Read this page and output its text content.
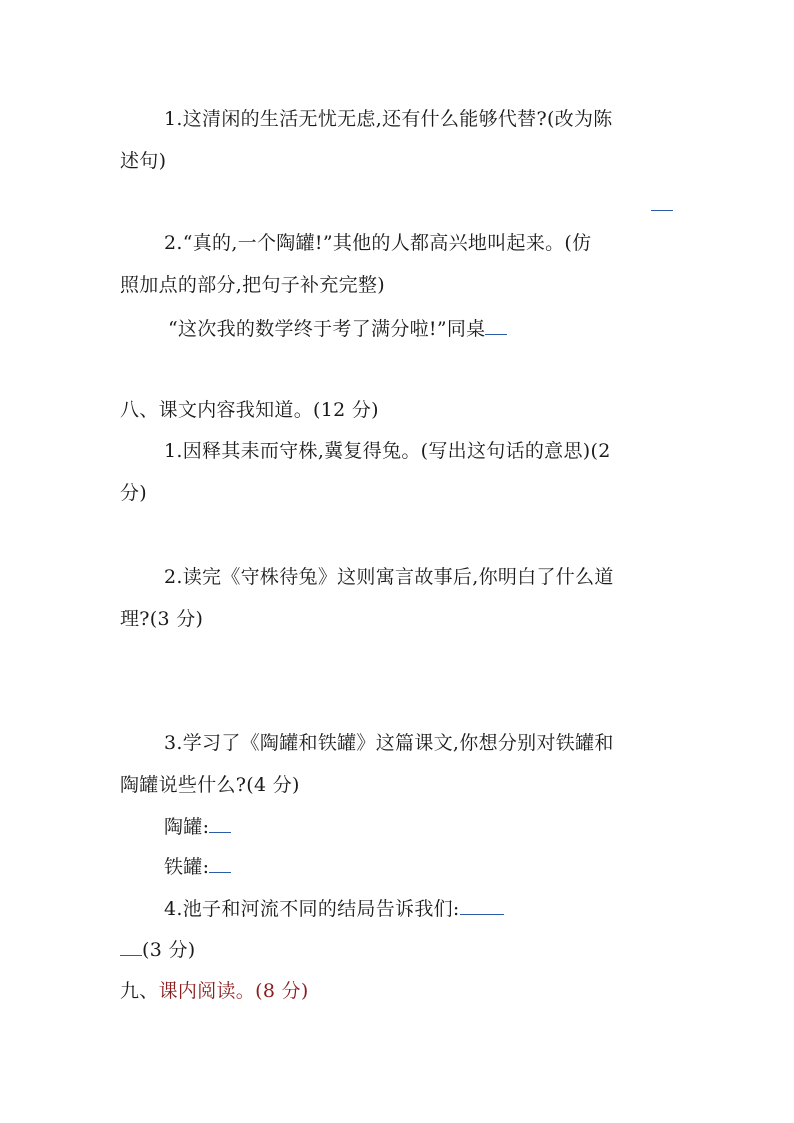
1.这清闲的生活无忧无虑,还有什么能够代替?(改为陈
述句)
2.“真的,一个陶罐!”其他的人都高兴地叫起来。(仿
照加点的部分,把句子补充完整)
“这次我的数学终于考了满分啦!”同桌
八、课文内容我知道。(12 分)
1.因释其耒而守株,冀复得兔。(写出这句话的意思)(2
分)
2.读完《守株待兔》这则寓言故事后,你明白了什么道
理?(3 分)
3.学习了《陶罐和铁罐》这篇课文,你想分别对铁罐和
陶罐说些什么?(4 分)
陶罐:
铁罐:
4.池子和河流不同的结局告诉我们:
(3 分)
九、课内阅读。(8 分)
